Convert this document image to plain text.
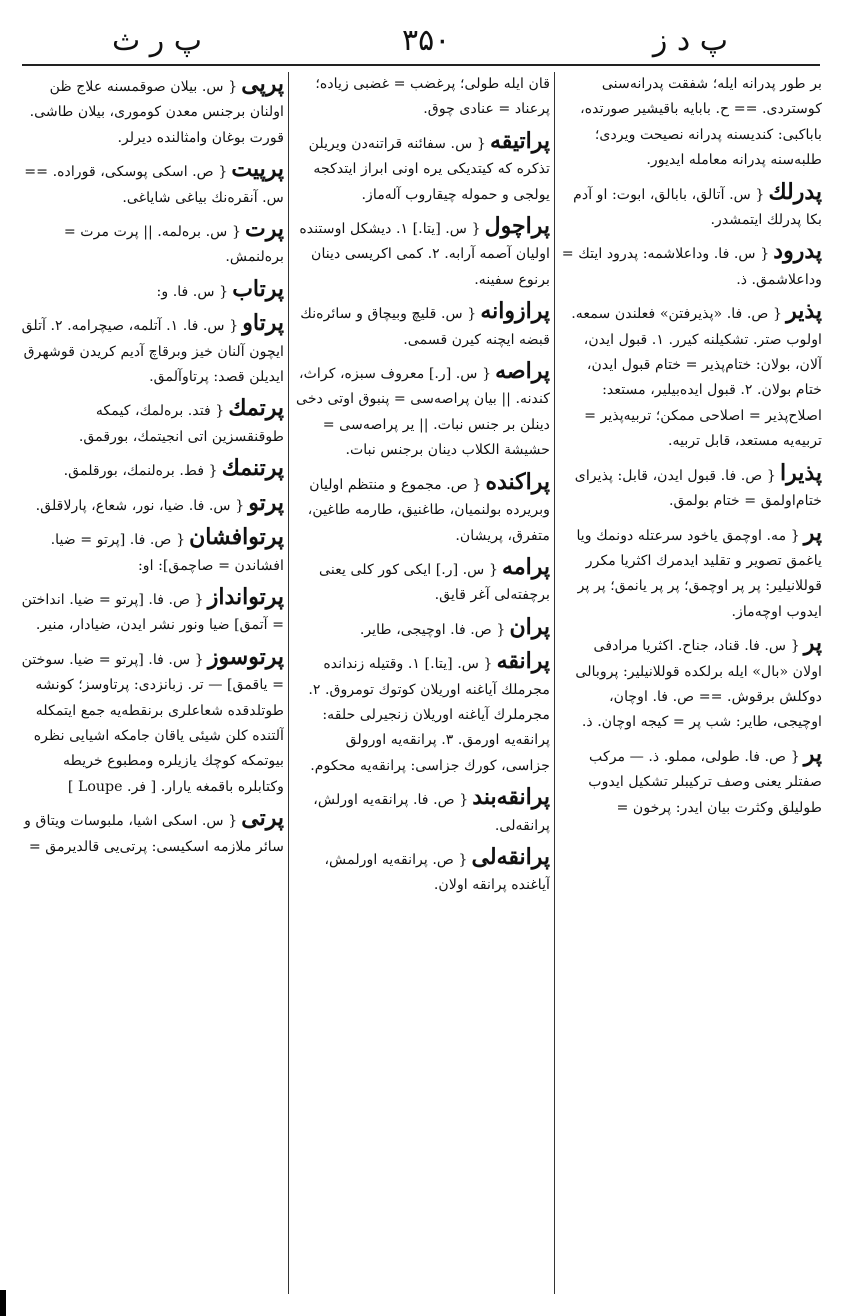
پ د ز
۳۵۰
پ ر ث
بر طور پدرانه ایله؛ شفقت پدرانه‌سنی کوستردی. == ح. بابایه باقیشیر صورتده، باباکبی: کندیسنه پدرانه نصیحت ویردی؛ طلبه‌سنه پدرانه معامله ایدیور.
پدرلك{ س. آتالق، بابالق، ابوت: او آدم بکا پدرلك ایتمشدر.
پدرود{ س. فا. وداعلاشمه: پدرود ایتك = وداعلاشمق. ذ.
پذیر{ ص. فا. «پذیرفتن» فعلندن سمعه. اولوب صتر. تشکیلنه کیرر. ۱. قبول ایدن، آلان، بولان: ختام‌پذیر = ختام قبول ایدن، ختام بولان. ۲. قبول ایده‌بیلیر، مستعد: اصلاح‌پذیر = اصلاحی ممکن؛ تربیه‌پذیر = تربیه‌یه مستعد، قابل تربیه.
پذیرا{ ص. فا. قبول ایدن، قابل: پذیرای ختام‌اولمق = ختام بولمق.
پر{ مه. اوچمق یاخود سرعتله دونمك ویا یاغمق تصویر و تقلید ایدمرك اکثریا مکرر قوللانیلیر: پر پر اوچمق؛ پر پر یانمق؛ پر پر ایدوب اوچه‌ماز.
پر{ س. فا. قناد، جناح. اکثریا مرادفی اولان «بال» ایله برلکده قوللانیلیر: پروبالی دوکلش برقوش. == ص. فا. اوچان، اوچیجی، طایر: شب پر = کیجه اوچان. ذ.
پر{ ص. فا. طولی، مملو. ذ. — مرکب صفتلر یعنی وصف ترکیبلر تشکیل ایدوب طولیلق وکثرت بیان ایدر: پرخون =
قان ایله طولی؛ پرغضب = غضبی زیاده؛ پرعناد = عنادی چوق.
پراتیقه{ س. سفائنه قراتنه‌دن ویریلن تذکره که کیتدیکی یره اونی ابراز ایتدکجه یولجی و حموله چیقاروب آله‌ماز.
پراچول{ س. [یتا.] ۱. دیشکل اوستنده اولیان آصمه آرابه. ۲. کمی اکریسی دینان برنوع سفینه.
پرازوانه{ س. قلیچ وبیچاق و سائره‌نك قبضه ایچنه کیرن قسمی.
پراصه{ س. [ر.] معروف سبزه، کراث، کندنه. || بیان پراصه‌سی = پنبوق اوتی دخی دینلن بر جنس نبات. || یر پراصه‌سی = حشیشة الکلاب دینان برجنس نبات.
پراکنده{ ص. مجموع و منتظم اولیان وبریرده بولنمیان، طاغنیق، طارمه طاغین، متفرق، پریشان.
پرامه{ س. [ر.] ایکی کور کلی یعنی برچفته‌لی آغر قایق.
پران{ ص. فا. اوچیجی، طایر.
پرانقه{ س. [یتا.] ۱. وقتیله زندانده مجرملك آیاغنه اوریلان کوتوك تومروق. ۲. مجرملرك آیاغنه اوریلان زنجیرلی حلقه: پرانقه‌یه اورمق. ۳. پرانقه‌یه اورولق جزاسی، کورك جزاسی: پرانقه‌یه محکوم.
پرانقه‌بند{ ص. فا. پرانقه‌یه اورلش، پرانقه‌لی.
پرانقه‌لی{ ص. پرانقه‌یه اورلمش، آیاغنده پرانقه اولان.
پرپی{ س. بیلان صوقمسنه علاج ظن اولنان برجنس معدن کوموری، بیلان طاشی. قورت بوغان وامثالنده دیرلر.
پرپیت{ ص. اسکی پوسکی، قوراده. == س. آنقره‌نك بیاغی شایاغی.
پرت{ س. بره‌لمه. || پرت مرت = بره‌لنمش.
پرتاب{ س. فا. و:
پرتاو{ س. فا. ۱. آتلمه، صیچرامه. ۲. آتلق ایچون آلنان خیز وبرقاچ آدیم کریدن قوشهرق ایدیلن قصد: پرتاوآلمق.
پرتمك{ فتد. بره‌لمك، کیمکه طوقنقسزین اتی انجیتمك، بورقمق.
پرتنمك{ فط. بره‌لنمك، بورقلمق.
پرتو{ س. فا. ضیا، نور، شعاع، پارلاقلق.
پرتوافشان{ ص. فا. [پرتو = ضیا. افشاندن = صاچمق]: او:
پرتوانداز{ ص. فا. [پرتو = ضیا. انداختن = آتمق] ضیا ونور نشر ایدن، ضیادار، منیر.
پرتوسوز{ س. فا. [پرتو = ضیا. سوختن = یاقمق] — تر. زبانزدی: پرتاوسز؛ کونشه طوتلدقده شعاعلری برنقطه‌یه جمع ایتمکله آلتنده کلن شیئی یاقان جامکه اشیایی نظره بیوتمکه کوچك یازیلره ومطبوع خریطه وکتابلره باقمغه یارار. [ فر. Loupe ]
پرتی{ س. اسکی اشیا، ملبوسات ویتاق و سائر ملازمه اسکیسی: پرتی‌یی قالدیرمق =
